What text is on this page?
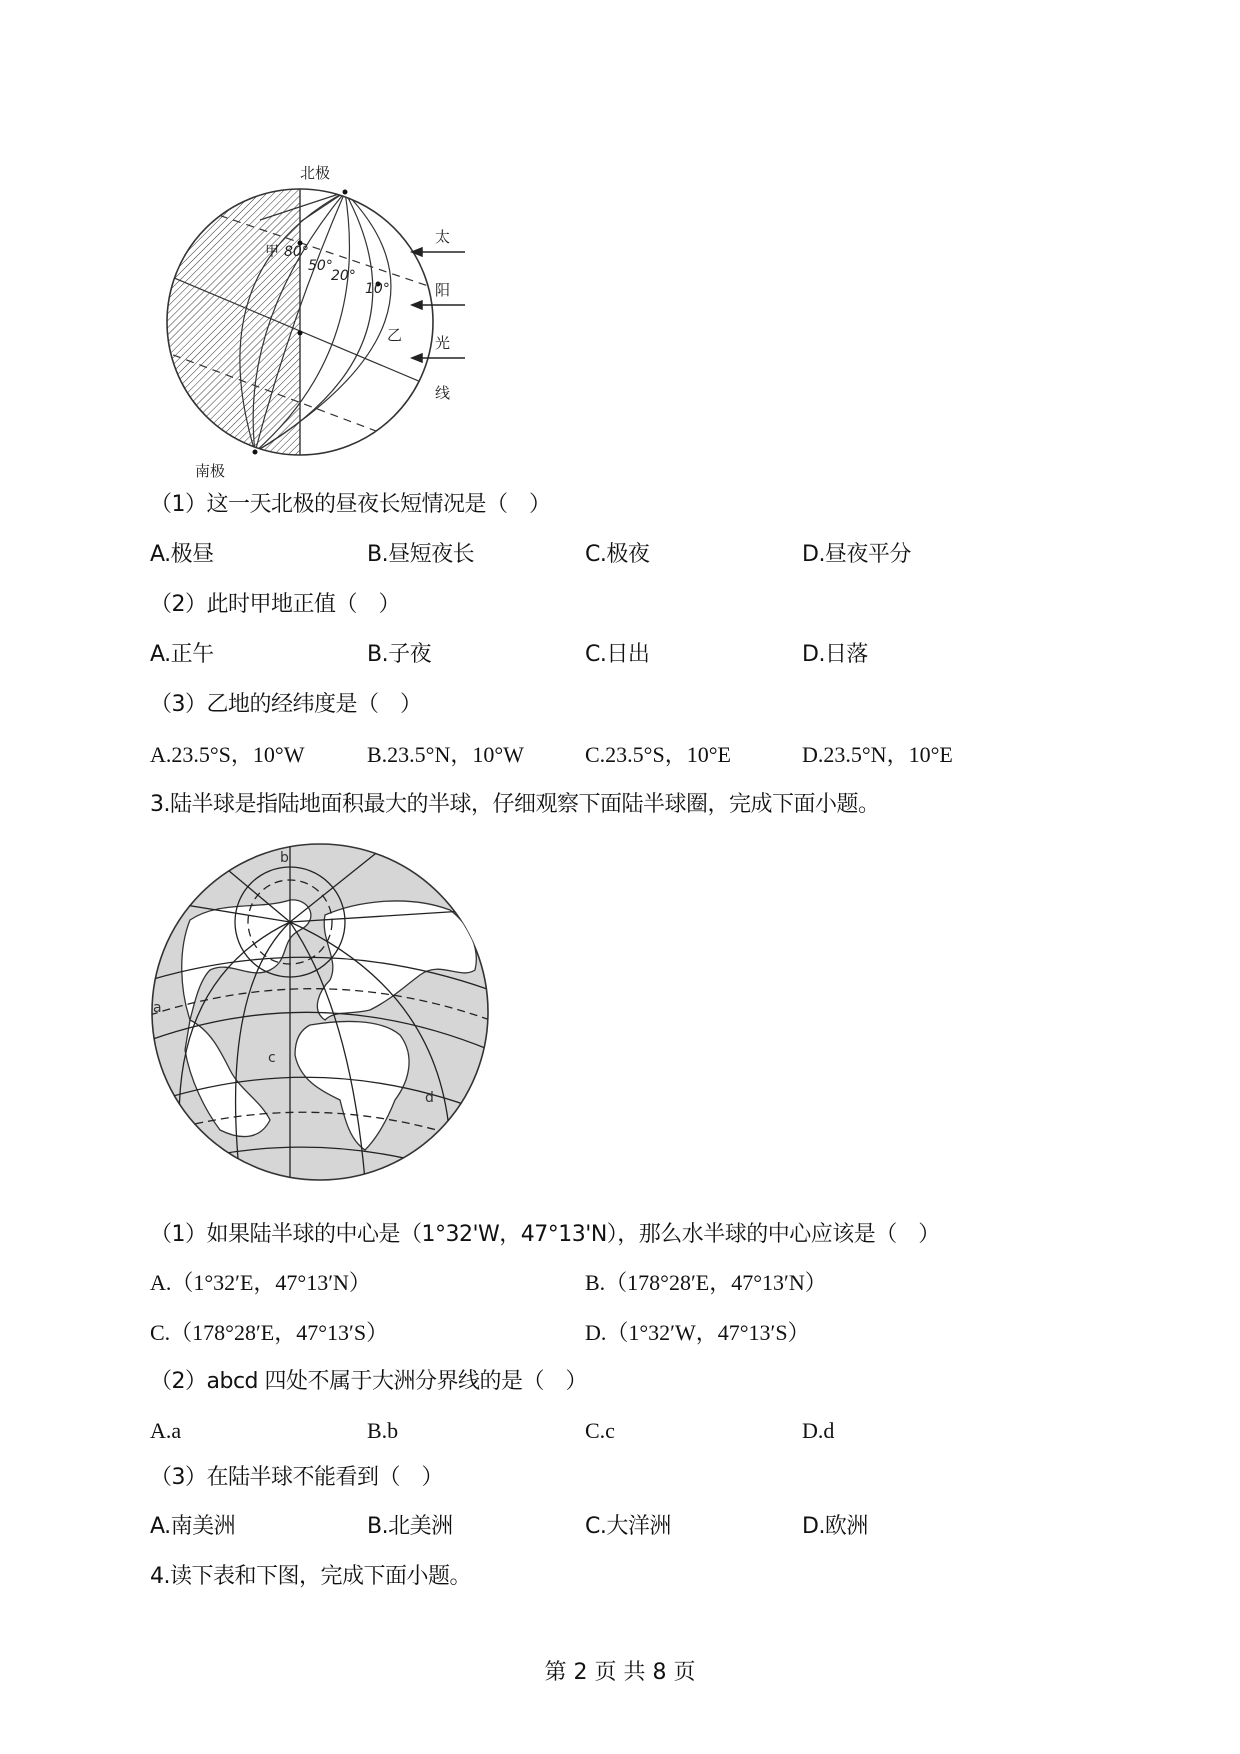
北极
南极
甲 80°
50°
20°
10°
乙
太
阳
光
线
（1）这一天北极的昼夜长短情况是（　）
A.极昼	B.昼短夜长	C.极夜	D.昼夜平分
（2）此时甲地正值（　）
A.正午	B.子夜	C.日出	D.日落
（3）乙地的经纬度是（　）
A.23.5°S，10°W	B.23.5°N，10°W	C.23.5°S，10°E	D.23.5°N，10°E
3.陆半球是指陆地面积最大的半球，仔细观察下面陆半球圈，完成下面小题。
b
a
c
d
（1）如果陆半球的中心是（1°32'W，47°13'N），那么水半球的中心应该是（　）
A.（1°32′E，47°13′N）	B.（178°28′E，47°13′N）
C.（178°28′E，47°13′S）	D.（1°32′W，47°13′S）
（2）abcd 四处不属于大洲分界线的是（　）
A.a	B.b	C.c	D.d
（3）在陆半球不能看到（　）
A.南美洲	B.北美洲	C.大洋洲	D.欧洲
4.读下表和下图，完成下面小题。
第 2 页 共 8 页
